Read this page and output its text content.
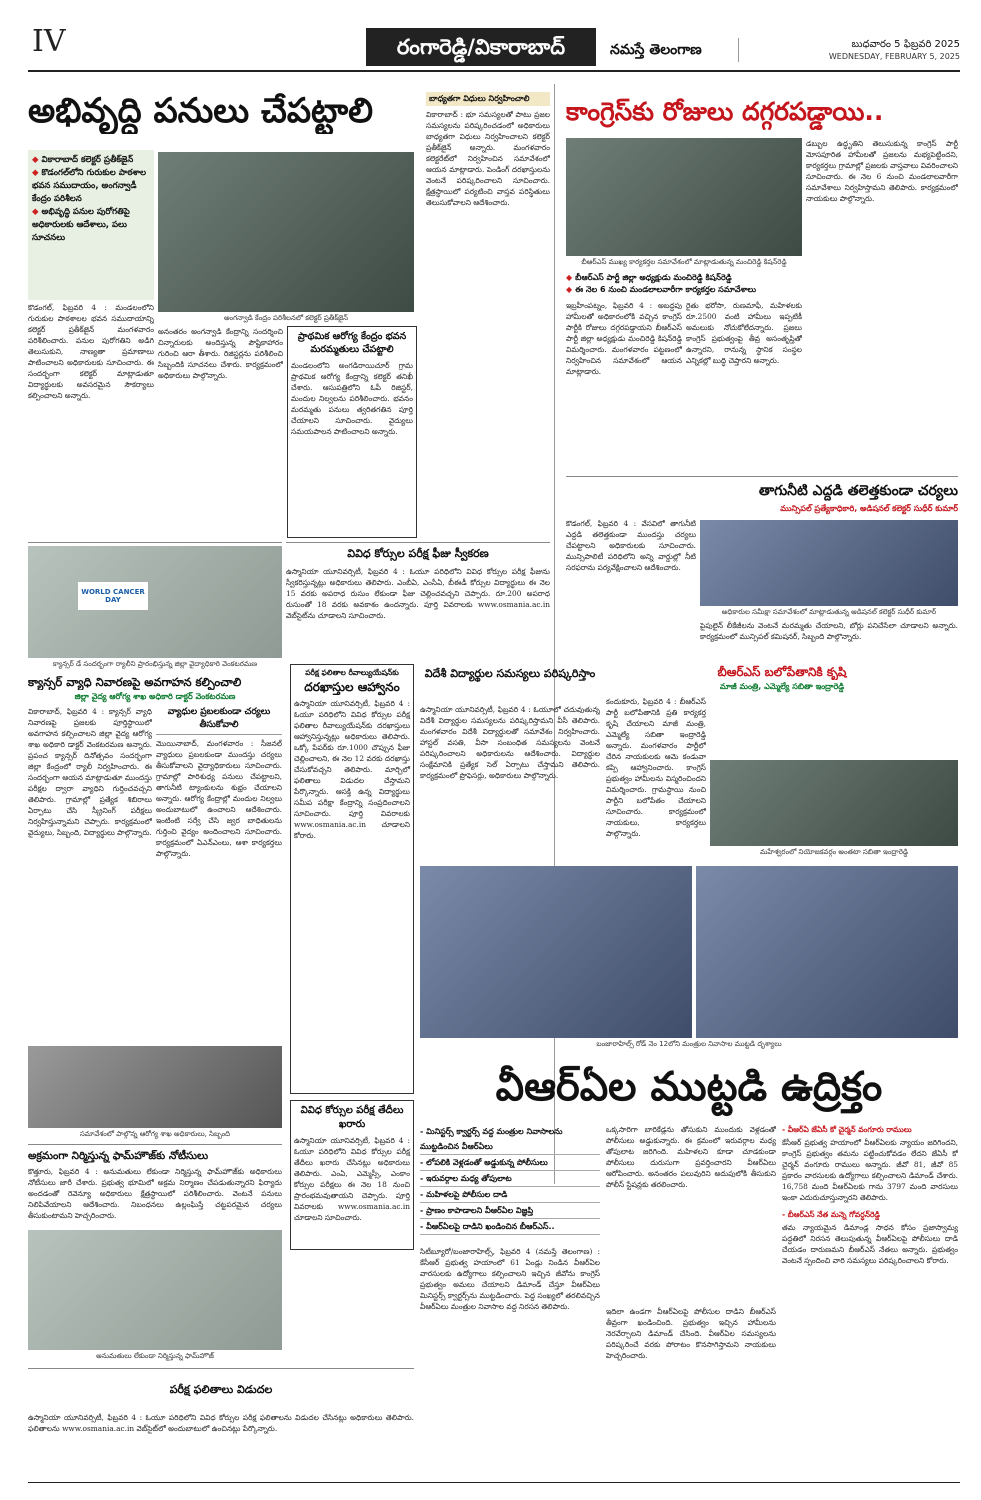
IV	రంగారెడ్డి/వికారాబాద్	నమస్తే తెలంగాణ	బుధవారం 5 ఫిబ్రవరి 2025
WEDNESDAY, FEBRUARY 5, 2025
అభివృద్ధి పనులు చేపట్టాలి
◆ వికారాబాద్ కలెక్టర్ ప్రతీక్‌జైన్
◆ కొడంగల్‌లోని గురుకుల పాఠశాల భవన సముదాయం, అంగన్వాడీ కేంద్రం పరిశీలన
◆ అభివృద్ధి పనుల పురోగతిపై అధికారులకు ఆదేశాలు, పలు సూచనలు
అంగన్వాడి కేంద్రం పరిశీలనలో కలెక్టర్ ప్రతీక్‌జైన్
కొడంగల్, ఫిబ్రవరి 4 : మండలంలోని గురుకుల పాఠశాలల భవన సముదాయాన్ని కలెక్టర్ ప్రతీక్‌జైన్ మంగళవారం పరిశీలించారు. పనుల పురోగతిని అడిగి తెలుసుకుని, నాణ్యతా ప్రమాణాలు పాటించాలని అధికారులకు సూచించారు. ఈ సందర్భంగా కలెక్టర్ మాట్లాడుతూ విద్యార్థులకు అవసరమైన సౌకర్యాలు కల్పించాలని అన్నారు.
అనంతరం అంగన్వాడి కేంద్రాన్ని సందర్శించి చిన్నారులకు అందిస్తున్న పౌష్టికాహారం గురించి ఆరా తీశారు. రిజిస్టర్లను పరిశీలించి సిబ్బందికి సూచనలు చేశారు. కార్యక్రమంలో అధికారులు పాల్గొన్నారు.
ప్రాథమిక ఆరోగ్య కేంద్రం భవన మరమ్మతులు చేపట్టాలి
మండలంలోని అంగడిరాయిచూర్ గ్రామ ప్రాథమిక ఆరోగ్య కేంద్రాన్ని కలెక్టర్ తనిఖీ చేశారు. ఆసుపత్రిలోని ఓపీ రిజిస్టర్, మందుల నిల్వలను పరిశీలించారు. భవనం మరమ్మతు పనులు త్వరితగతిన పూర్తి చేయాలని సూచించారు. వైద్యులు సమయపాలన పాటించాలని అన్నారు.
బాధ్యతగా విధులు నిర్వహించాలి
వికారాబాద్ : భూ సమస్యలతో పాటు ప్రజల సమస్యలను పరిష్కరించడంలో అధికారులు బాధ్యతగా విధులు నిర్వహించాలని కలెక్టర్ ప్రతీక్‌జైన్ అన్నారు. మంగళవారం కలెక్టరేట్‌లో నిర్వహించిన సమావేశంలో ఆయన మాట్లాడారు. పెండింగ్ దరఖాస్తులను వెంటనే పరిష్కరించాలని సూచించారు. క్షేత్రస్థాయిలో పర్యటించి వాస్తవ పరిస్థితులు తెలుసుకోవాలని ఆదేశించారు.
కాంగ్రెస్‌కు రోజులు దగ్గరపడ్డాయి..
బీఆర్ఎస్ ముఖ్య కార్యకర్తల సమావేశంలో మాట్లాడుతున్న మంచిరెడ్డి కిషన్‌రెడ్డి
◆ బీఆర్ఎస్ పార్టీ జిల్లా అధ్యక్షుడు మంచిరెడ్డి కిషన్‌రెడ్డి
◆ ఈ నెల 6 నుంచి మండలాలవారీగా కార్యకర్తల సమావేశాలు
ఇబ్రహీంపట్నం, ఫిబ్రవరి 4 : అబద్ధపు హామీలతో అధికారంలోకి వచ్చిన కాంగ్రెస్ పార్టీకి రోజులు దగ్గరపడ్డాయని బీఆర్ఎస్ పార్టీ జిల్లా అధ్యక్షుడు మంచిరెడ్డి కిషన్‌రెడ్డి విమర్శించారు. మంగళవారం పట్టణంలో నిర్వహించిన సమావేశంలో ఆయన మాట్లాడారు.
రైతు భరోసా, రుణమాఫీ, మహిళలకు రూ.2500 వంటి హామీలు ఇప్పటికీ అమలుకు నోచుకోలేదన్నారు. ప్రజలు కాంగ్రెస్ ప్రభుత్వంపై తీవ్ర అసంతృప్తితో ఉన్నారని, రానున్న స్థానిక సంస్థల ఎన్నికల్లో బుద్ధి చెప్తారని అన్నారు.
డబ్బుల ఉద్ధృతిని తెలుసుకున్న కాంగ్రెస్ పార్టీ మోసపూరిత హామీలతో ప్రజలను మభ్యపెట్టిందని, కార్యకర్తలు గ్రామాల్లో ప్రజలకు వాస్తవాలు వివరించాలని సూచించారు. ఈ నెల 6 నుంచి మండలాలవారీగా సమావేశాలు నిర్వహిస్తామని తెలిపారు. కార్యక్రమంలో నాయకులు పాల్గొన్నారు.
తాగునీటి ఎద్దడి తలెత్తకుండా చర్యలు
మున్సిపల్ ప్రత్యేకాధికారి, అడిషనల్ కలెక్టర్ సుధీర్ కుమార్
కొడంగల్, ఫిబ్రవరి 4 : వేసవిలో తాగునీటి ఎద్దడి తలెత్తకుండా ముందస్తు చర్యలు చేపట్టాలని అధికారులకు సూచించారు. మున్సిపాలిటీ పరిధిలోని అన్ని వార్డుల్లో నీటి సరఫరాను పర్యవేక్షించాలని ఆదేశించారు.
అధికారుల సమీక్షా సమావేశంలో మాట్లాడుతున్న అడిషనల్ కలెక్టర్ సుధీర్ కుమార్
పైపులైన్ లీకేజీలను వెంటనే మరమ్మతు చేయాలని, బోర్లు పనిచేసేలా చూడాలని అన్నారు. కార్యక్రమంలో మున్సిపల్ కమిషనర్, సిబ్బంది పాల్గొన్నారు.
WORLD CANCER DAY
క్యాన్సర్ డే సందర్భంగా ర్యాలీని ప్రారంభిస్తున్న జిల్లా వైద్యాధికారి వెంకటరమణ
క్యాన్సర్ వ్యాధి నివారణపై అవగాహన కల్పించాలి
జిల్లా వైద్య ఆరోగ్య శాఖ అధికారి డాక్టర్ వెంకటరమణ
వికారాబాద్, ఫిబ్రవరి 4 : క్యాన్సర్ వ్యాధి నివారణపై ప్రజలకు పూర్తిస్థాయిలో అవగాహన కల్పించాలని జిల్లా వైద్య ఆరోగ్య శాఖ అధికారి డాక్టర్ వెంకటరమణ అన్నారు. ప్రపంచ క్యాన్సర్ దినోత్సవం సందర్భంగా జిల్లా కేంద్రంలో ర్యాలీ నిర్వహించారు. ఈ సందర్భంగా ఆయన మాట్లాడుతూ ముందస్తు పరీక్షల ద్వారా వ్యాధిని గుర్తించవచ్చని తెలిపారు. గ్రామాల్లో ప్రత్యేక శిబిరాలు ఏర్పాటు చేసి స్క్రీనింగ్ పరీక్షలు నిర్వహిస్తున్నామని చెప్పారు. కార్యక్రమంలో వైద్యులు, సిబ్బంది, విద్యార్థులు పాల్గొన్నారు.
వ్యాధుల ప్రబలకుండా చర్యలు తీసుకోవాలి
మొయినాబాద్, మంగళవారం : సీజనల్ వ్యాధులు ప్రబలకుండా ముందస్తు చర్యలు తీసుకోవాలని వైద్యాధికారులు సూచించారు. గ్రామాల్లో పారిశుధ్య పనులు చేపట్టాలని, తాగునీటి ట్యాంకులను శుభ్రం చేయాలని అన్నారు. ఆరోగ్య కేంద్రాల్లో మందుల నిల్వలు అందుబాటులో ఉంచాలని ఆదేశించారు. ఇంటింటి సర్వే చేసి జ్వర బాధితులను గుర్తించి వైద్యం అందించాలని సూచించారు. కార్యక్రమంలో ఏఎన్ఎంలు, ఆశా కార్యకర్తలు పాల్గొన్నారు.
వివిధ కోర్సుల పరీక్ష ఫీజు స్వీకరణ
ఉస్మానియా యూనివర్సిటీ, ఫిబ్రవరి 4 : ఓయూ పరిధిలోని వివిధ కోర్సుల పరీక్ష ఫీజును స్వీకరిస్తున్నట్లు అధికారులు తెలిపారు. ఎంబీఏ, ఎంసీఏ, బీఈడీ కోర్సుల విద్యార్థులు ఈ నెల 15 వరకు అపరాధ రుసుం లేకుండా ఫీజు చెల్లించవచ్చని చెప్పారు. రూ.200 అపరాధ రుసుంతో 18 వరకు అవకాశం ఉందన్నారు. పూర్తి వివరాలకు www.osmania.ac.in వెబ్‌సైట్‌ను చూడాలని సూచించారు.
పరీక్ష ఫలితాల రీవాల్యుయేషన్‌కు
దరఖాస్తుల ఆహ్వానం
ఉస్మానియా యూనివర్సిటీ, ఫిబ్రవరి 4 : ఓయూ పరిధిలోని వివిధ కోర్సుల పరీక్ష ఫలితాల రీవాల్యుయేషన్‌కు దరఖాస్తులు ఆహ్వానిస్తున్నట్లు అధికారులు తెలిపారు. ఒక్కో పేపర్‌కు రూ.1000 చొప్పున ఫీజు చెల్లించాలని, ఈ నెల 12 వరకు దరఖాస్తు చేసుకోవచ్చని తెలిపారు. మార్చిలో ఫలితాలు విడుదల చేస్తామని పేర్కొన్నారు. ఆసక్తి ఉన్న విద్యార్థులు సమీప పరీక్షా కేంద్రాన్ని సంప్రదించాలని సూచించారు. పూర్తి వివరాలకు www.osmania.ac.in చూడాలని కోరారు.
వివిధ కోర్సుల పరీక్ష తేదీలు ఖరారు
ఉస్మానియా యూనివర్సిటీ, ఫిబ్రవరి 4 : ఓయూ పరిధిలోని వివిధ కోర్సుల పరీక్ష తేదీలు ఖరారు చేసినట్లు అధికారులు తెలిపారు. ఎంఏ, ఎమ్మెస్సీ, ఎంకాం కోర్సుల పరీక్షలు ఈ నెల 18 నుంచి ప్రారంభమవుతాయని చెప్పారు. పూర్తి వివరాలకు www.osmania.ac.in చూడాలని సూచించారు.
విదేశీ విద్యార్థుల సమస్యలు పరిష్కరిస్తాం
ఉస్మానియా యూనివర్సిటీ, ఫిబ్రవరి 4 : ఓయూలో చదువుతున్న విదేశీ విద్యార్థుల సమస్యలను పరిష్కరిస్తామని వీసీ తెలిపారు. మంగళవారం విదేశీ విద్యార్థులతో సమావేశం నిర్వహించారు. హాస్టల్ వసతి, వీసా సంబంధిత సమస్యలను వెంటనే పరిష్కరించాలని అధికారులను ఆదేశించారు. విద్యార్థుల సంక్షేమానికి ప్రత్యేక సెల్ ఏర్పాటు చేస్తామని తెలిపారు. కార్యక్రమంలో ప్రొఫెసర్లు, అధికారులు పాల్గొన్నారు.
బీఆర్ఎస్ బలోపేతానికి కృషి
మాజీ మంత్రి, ఎమ్మెల్యే సబితా ఇంద్రారెడ్డి
కందుకూరు, ఫిబ్రవరి 4 : బీఆర్ఎస్ పార్టీ బలోపేతానికి ప్రతి కార్యకర్త కృషి చేయాలని మాజీ మంత్రి, ఎమ్మెల్యే సబితా ఇంద్రారెడ్డి అన్నారు. మంగళవారం పార్టీలో చేరిన నాయకులకు ఆమె కండువా కప్పి ఆహ్వానించారు. కాంగ్రెస్ ప్రభుత్వం హామీలను విస్మరించిందని విమర్శించారు. గ్రామస్థాయి నుంచి పార్టీని బలోపేతం చేయాలని సూచించారు. కార్యక్రమంలో నాయకులు, కార్యకర్తలు పాల్గొన్నారు.
మహేశ్వరంలో నియోజకవర్గం అంతటా సబితా ఇంద్రారెడ్డి
బంజారాహిల్స్ రోడ్ నెం 12లోని మంత్రుల నివాసాల ముట్టడి దృశ్యాలు
వీఆర్ఏల ముట్టడి ఉద్రిక్తం
- మినిస్టర్స్ క్వార్టర్స్ వద్ద మంత్రుల నివాసాలను ముట్టడించిన వీఆర్ఏలు
- లోపలికి వెళ్లడంతో అడ్డుకున్న పోలీసులు
- ఇరువర్గాల మధ్య తోపులాట
- మహిళలపై పోలీసుల దాడి
- ప్రాణం కాపాడాలని వీఆర్ఏల విజ్ఞప్తి
- వీఆర్ఏలపై దాడిని ఖండించిన బీఆర్ఎస్..
సిటీబ్యూరో/బంజారాహిల్స్, ఫిబ్రవరి 4 (నమస్తే తెలంగాణ) : కేసీఆర్ ప్రభుత్వ హయాంలో 61 ఏండ్లు నిండిన వీఆర్ఏల వారసులకు ఉద్యోగాలు కల్పించాలని ఇచ్చిన జీవోను కాంగ్రెస్ ప్రభుత్వం అమలు చేయాలని డిమాండ్ చేస్తూ వీఆర్ఏలు మినిస్టర్స్ క్వార్టర్స్‌ను ముట్టడించారు. పెద్ద సంఖ్యలో తరలివచ్చిన వీఆర్ఏలు మంత్రుల నివాసాల వద్ద నిరసన తెలిపారు.
ఒక్కసారిగా బారికేడ్లను తోసుకుని ముందుకు వెళ్లడంతో పోలీసులు అడ్డుకున్నారు. ఈ క్రమంలో ఇరువర్గాల మధ్య తోపులాట జరిగింది. మహిళలని కూడా చూడకుండా పోలీసులు దురుసుగా ప్రవర్తించారని వీఆర్ఏలు ఆరోపించారు. అనంతరం పలువురిని అదుపులోకి తీసుకుని పోలీస్ స్టేషన్లకు తరలించారు.
ఇదిలా ఉండగా వీఆర్ఏలపై పోలీసుల దాడిని బీఆర్ఎస్ తీవ్రంగా ఖండించింది. ప్రభుత్వం ఇచ్చిన హామీలను నెరవేర్చాలని డిమాండ్ చేసింది. వీఆర్ఏల సమస్యలను పరిష్కరించే వరకు పోరాటం కొనసాగిస్తామని నాయకులు హెచ్చరించారు.
- వీఆర్ఏ జేఏసీ కో చైర్మన్ వంగూరు రాములు
కేసీఆర్ ప్రభుత్వ హయాంలో వీఆర్ఏలకు న్యాయం జరిగిందని, కాంగ్రెస్ ప్రభుత్వం తమను పట్టించుకోవడం లేదని జేఏసీ కో చైర్మన్ వంగూరు రాములు అన్నారు. జీవో 81, జీవో 85 ప్రకారం వారసులకు ఉద్యోగాలు కల్పించాలని డిమాండ్ చేశారు. 16,758 మంది వీఆర్ఏలకు గాను 3797 మంది వారసులు ఇంకా ఎదురుచూస్తున్నారని తెలిపారు.
- బీఆర్ఎస్ నేత మన్నె గోవర్ధన్‌రెడ్డి
తమ న్యాయమైన డిమాండ్ల సాధన కోసం ప్రజాస్వామ్య పద్ధతిలో నిరసన తెలుపుతున్న వీఆర్ఏలపై పోలీసులు దాడి చేయడం దారుణమని బీఆర్ఎస్ నేతలు అన్నారు. ప్రభుత్వం వెంటనే స్పందించి వారి సమస్యలు పరిష్కరించాలని కోరారు.
సమావేశంలో పాల్గొన్న ఆరోగ్య శాఖ అధికారులు, సిబ్బంది
అక్రమంగా నిర్మిస్తున్న ఫామ్‌హౌజ్‌కు నోటీసులు
కొత్తూరు, ఫిబ్రవరి 4 : అనుమతులు లేకుండా నిర్మిస్తున్న ఫామ్‌హౌజ్‌కు అధికారులు నోటీసులు జారీ చేశారు. ప్రభుత్వ భూమిలో అక్రమ నిర్మాణం చేపడుతున్నారని ఫిర్యాదు అందడంతో రెవెన్యూ అధికారులు క్షేత్రస్థాయిలో పరిశీలించారు. వెంటనే పనులు నిలిపివేయాలని ఆదేశించారు. నిబంధనలు ఉల్లంఘిస్తే చట్టపరమైన చర్యలు తీసుకుంటామని హెచ్చరించారు.
అనుమతులు లేకుండా నిర్మిస్తున్న ఫామ్‌హౌజ్
పరీక్ష ఫలితాలు విడుదల
ఉస్మానియా యూనివర్సిటీ, ఫిబ్రవరి 4 : ఓయూ పరిధిలోని వివిధ కోర్సుల పరీక్ష ఫలితాలను విడుదల చేసినట్లు అధికారులు తెలిపారు. ఫలితాలను www.osmania.ac.in వెబ్‌సైట్‌లో అందుబాటులో ఉంచినట్లు పేర్కొన్నారు.
